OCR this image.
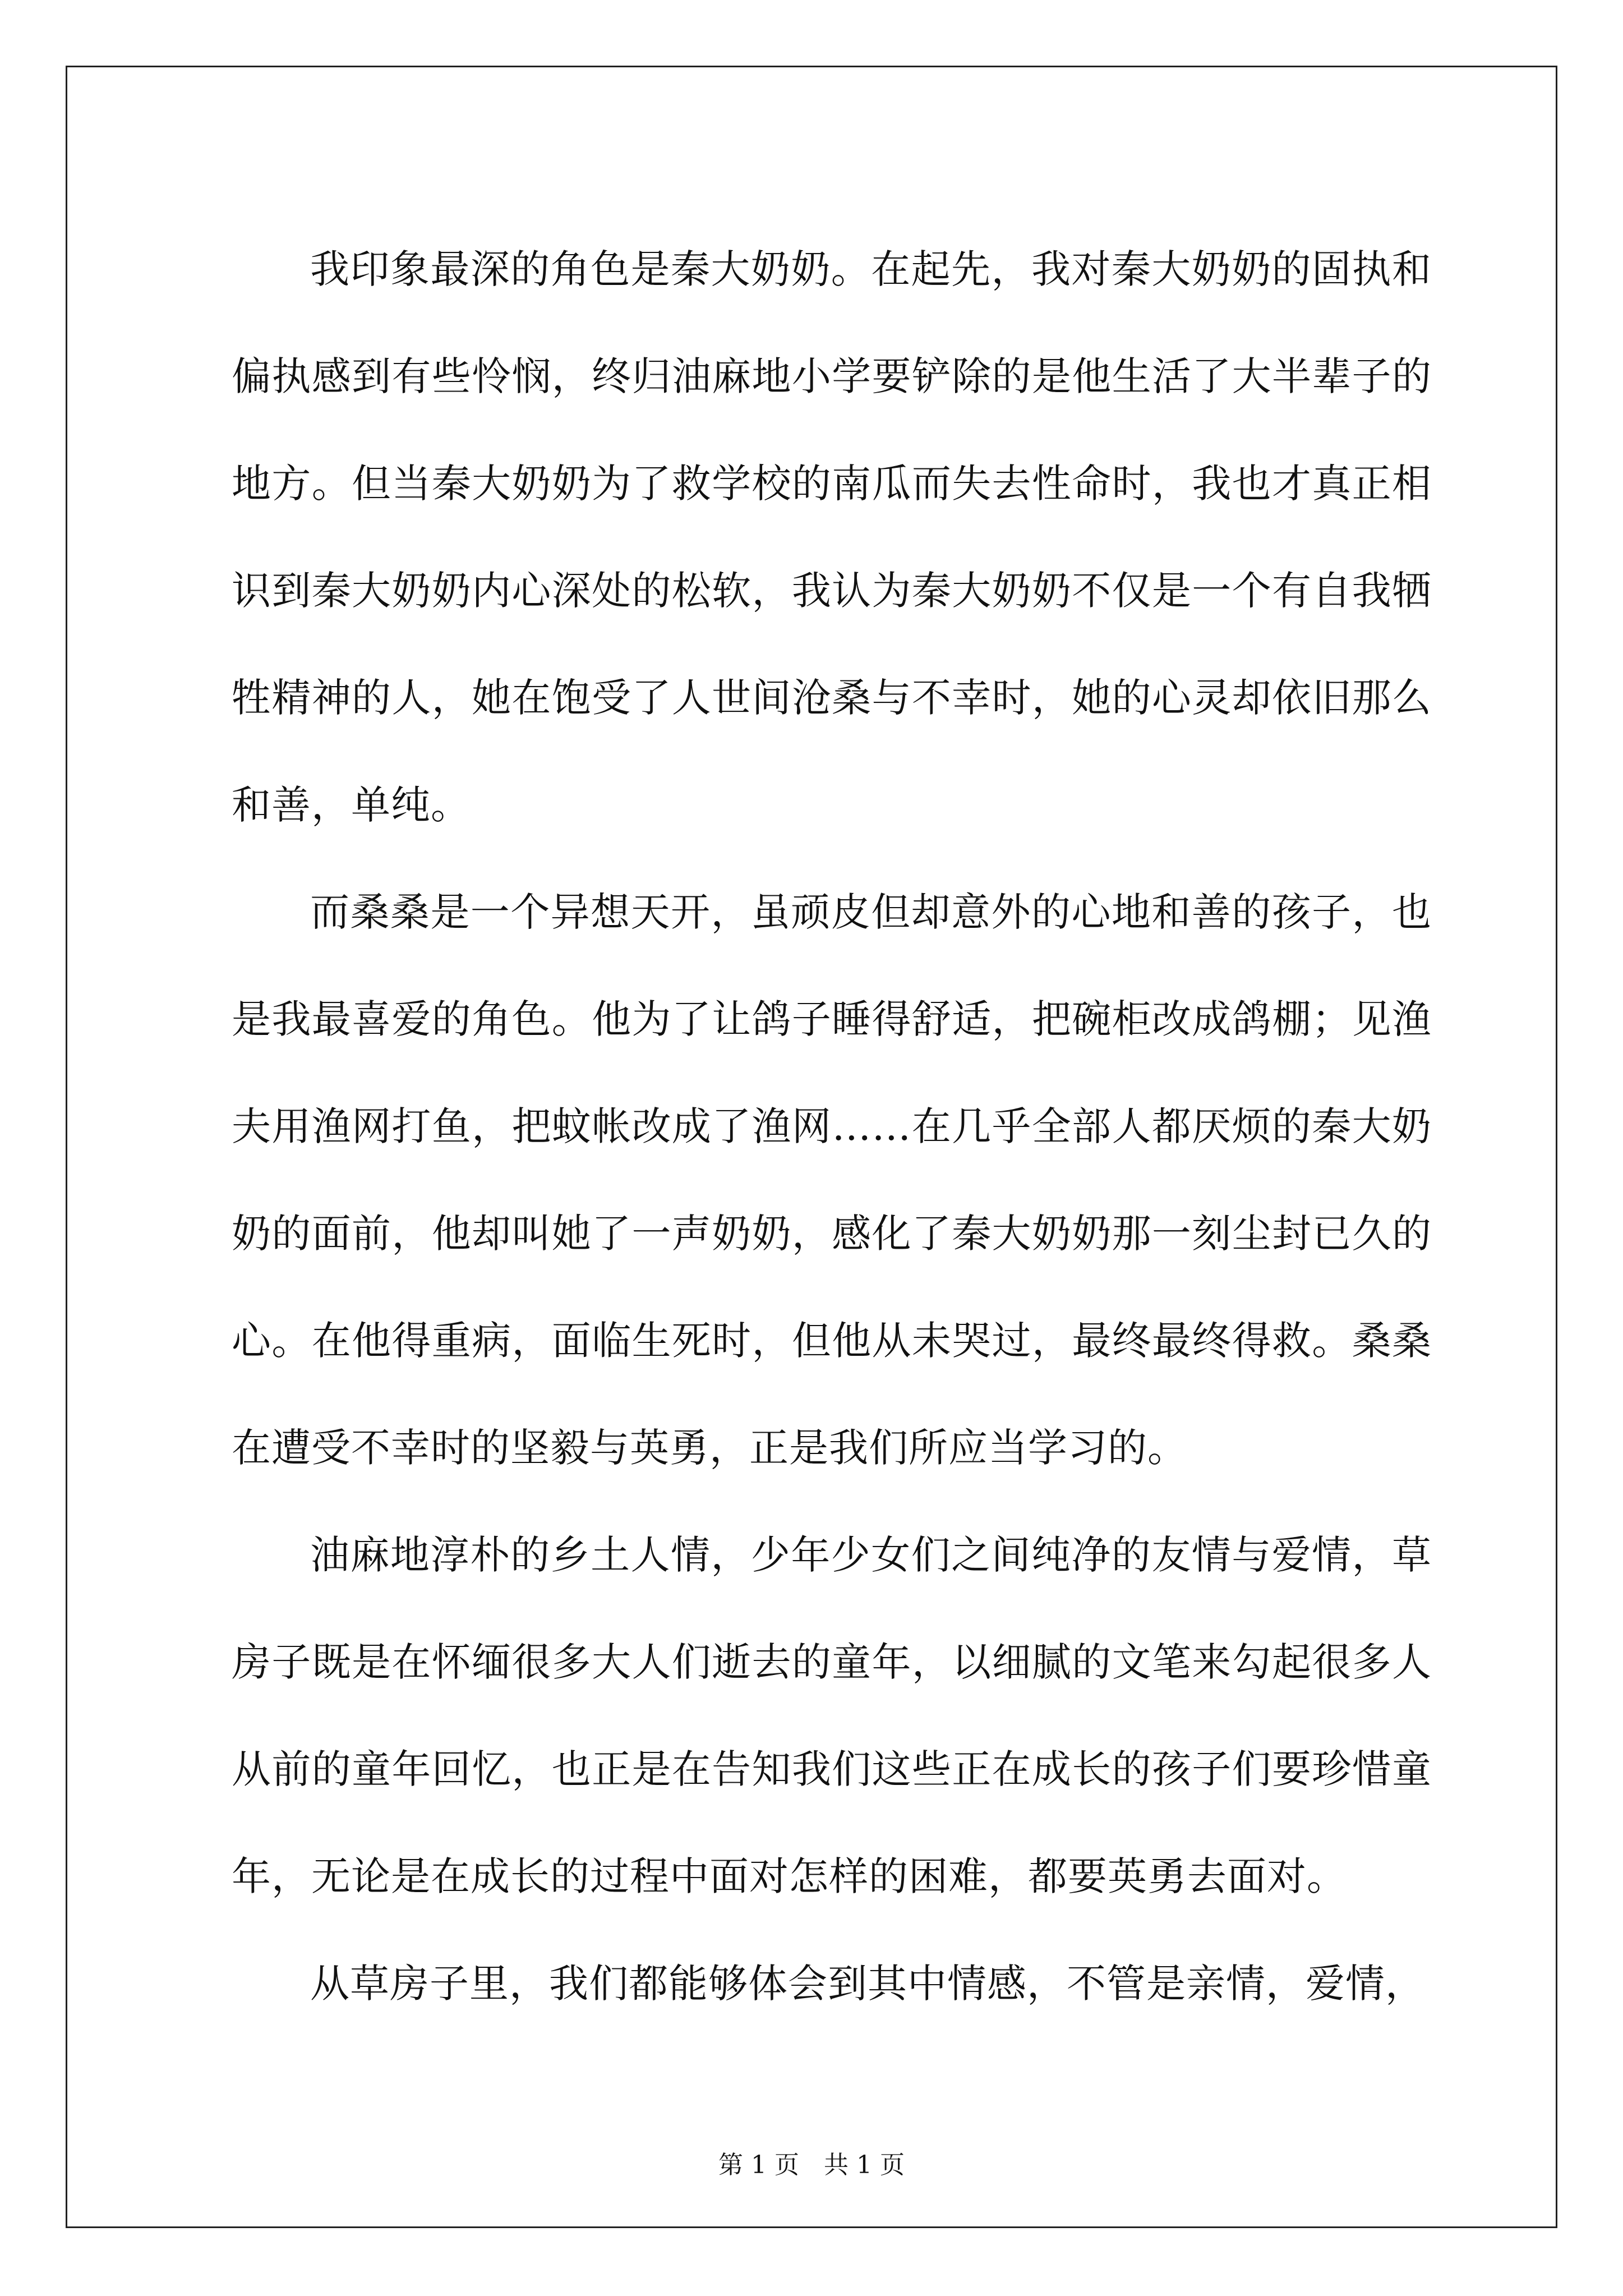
我印象最深的角色是秦大奶奶。在起先，我对秦大奶奶的固执和偏执感到有些怜悯，终归油麻地小学要铲除的是他生活了大半辈子的地方。但当秦大奶奶为了救学校的南瓜而失去性命时，我也才真正相识到秦大奶奶内心深处的松软，我认为秦大奶奶不仅是一个有自我牺牲精神的人，她在饱受了人世间沧桑与不幸时，她的心灵却依旧那么和善，单纯。

而桑桑是一个异想天开，虽顽皮但却意外的心地和善的孩子，也是我最喜爱的角色。他为了让鸽子睡得舒适，把碗柜改成鸽棚；见渔夫用渔网打鱼，把蚊帐改成了渔网……在几乎全部人都厌烦的秦大奶奶的面前，他却叫她了一声奶奶，感化了秦大奶奶那一刻尘封已久的心。在他得重病，面临生死时，但他从未哭过，最终最终得救。桑桑在遭受不幸时的坚毅与英勇，正是我们所应当学习的。

油麻地淳朴的乡土人情，少年少女们之间纯净的友情与爱情，草房子既是在怀缅很多大人们逝去的童年，以细腻的文笔来勾起很多人从前的童年回忆，也正是在告知我们这些正在成长的孩子们要珍惜童年，无论是在成长的过程中面对怎样的困难，都要英勇去面对。

从草房子里，我们都能够体会到其中情感，不管是亲情，爱情，

第 1 页 共 1 页
